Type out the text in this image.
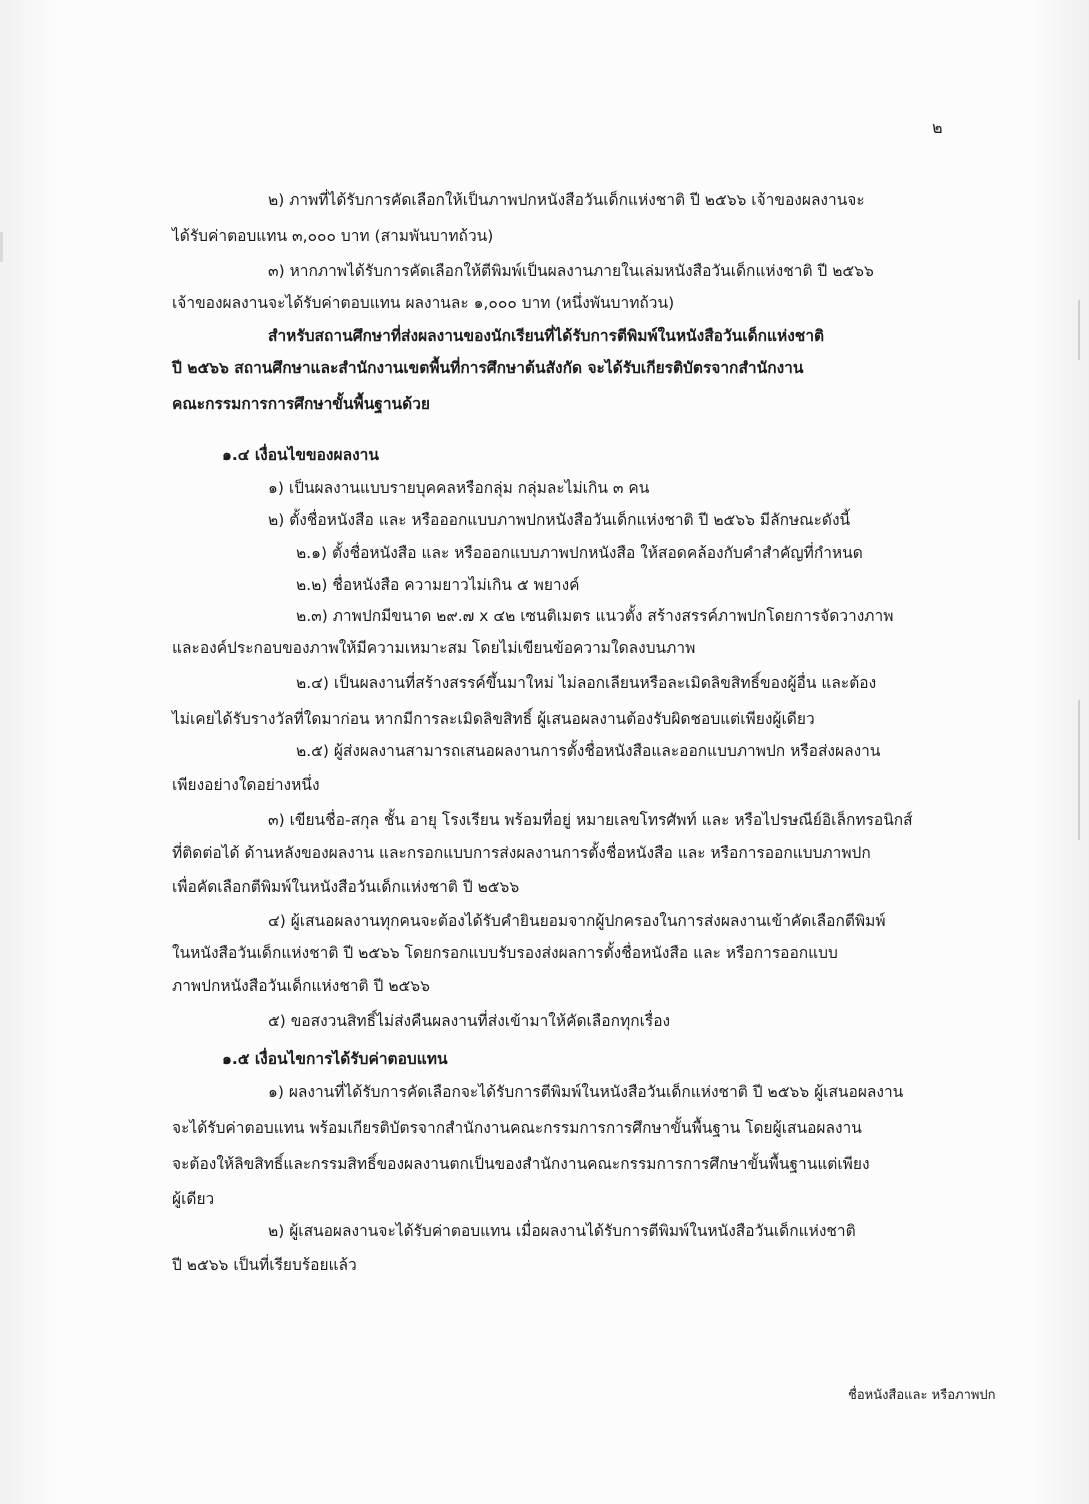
๒
๒) ภาพที่ได้รับการคัดเลือกให้เป็นภาพปกหนังสือวันเด็กแห่งชาติ ปี ๒๕๖๖ เจ้าของผลงานจะ
ได้รับค่าตอบแทน ๓,๐๐๐ บาท (สามพันบาทถ้วน)
๓) หากภาพได้รับการคัดเลือกให้ตีพิมพ์เป็นผลงานภายในเล่มหนังสือวันเด็กแห่งชาติ ปี ๒๕๖๖
เจ้าของผลงานจะได้รับค่าตอบแทน ผลงานละ ๑,๐๐๐ บาท (หนึ่งพันบาทถ้วน)
สำหรับสถานศึกษาที่ส่งผลงานของนักเรียนที่ได้รับการตีพิมพ์ในหนังสือวันเด็กแห่งชาติ
ปี ๒๕๖๖ สถานศึกษาและสำนักงานเขตพื้นที่การศึกษาต้นสังกัด จะได้รับเกียรติบัตรจากสำนักงาน
คณะกรรมการการศึกษาขั้นพื้นฐานด้วย
๑.๔ เงื่อนไขของผลงาน
๑) เป็นผลงานแบบรายบุคคลหรือกลุ่ม กลุ่มละไม่เกิน ๓ คน
๒) ตั้งชื่อหนังสือ และ หรือออกแบบภาพปกหนังสือวันเด็กแห่งชาติ ปี ๒๕๖๖ มีลักษณะดังนี้
๒.๑) ตั้งชื่อหนังสือ และ หรือออกแบบภาพปกหนังสือ ให้สอดคล้องกับคำสำคัญที่กำหนด
๒.๒) ชื่อหนังสือ ความยาวไม่เกิน ๕ พยางค์
๒.๓) ภาพปกมีขนาด ๒๙.๗ x ๔๒ เซนติเมตร แนวตั้ง สร้างสรรค์ภาพปกโดยการจัดวางภาพ
และองค์ประกอบของภาพให้มีความเหมาะสม โดยไม่เขียนข้อความใดลงบนภาพ
๒.๔) เป็นผลงานที่สร้างสรรค์ขึ้นมาใหม่ ไม่ลอกเลียนหรือละเมิดลิขสิทธิ์ของผู้อื่น และต้อง
ไม่เคยได้รับรางวัลที่ใดมาก่อน หากมีการละเมิดลิขสิทธิ์ ผู้เสนอผลงานต้องรับผิดชอบแต่เพียงผู้เดียว
๒.๕) ผู้ส่งผลงานสามารถเสนอผลงานการตั้งชื่อหนังสือและออกแบบภาพปก หรือส่งผลงาน
เพียงอย่างใดอย่างหนึ่ง
๓) เขียนชื่อ-สกุล ชั้น อายุ โรงเรียน พร้อมที่อยู่ หมายเลขโทรศัพท์ และ หรือไปรษณีย์อิเล็กทรอนิกส์
ที่ติดต่อได้ ด้านหลังของผลงาน และกรอกแบบการส่งผลงานการตั้งชื่อหนังสือ และ หรือการออกแบบภาพปก
เพื่อคัดเลือกตีพิมพ์ในหนังสือวันเด็กแห่งชาติ ปี ๒๕๖๖
๔) ผู้เสนอผลงานทุกคนจะต้องได้รับคำยินยอมจากผู้ปกครองในการส่งผลงานเข้าคัดเลือกตีพิมพ์
ในหนังสือวันเด็กแห่งชาติ ปี ๒๕๖๖ โดยกรอกแบบรับรองส่งผลการตั้งชื่อหนังสือ และ หรือการออกแบบ
ภาพปกหนังสือวันเด็กแห่งชาติ ปี ๒๕๖๖
๕) ขอสงวนสิทธิ์ไม่ส่งคืนผลงานที่ส่งเข้ามาให้คัดเลือกทุกเรื่อง
๑.๕ เงื่อนไขการได้รับค่าตอบแทน
๑) ผลงานที่ได้รับการคัดเลือกจะได้รับการตีพิมพ์ในหนังสือวันเด็กแห่งชาติ ปี ๒๕๖๖ ผู้เสนอผลงาน
จะได้รับค่าตอบแทน พร้อมเกียรติบัตรจากสำนักงานคณะกรรมการการศึกษาขั้นพื้นฐาน โดยผู้เสนอผลงาน
จะต้องให้ลิขสิทธิ์และกรรมสิทธิ์ของผลงานตกเป็นของสำนักงานคณะกรรมการการศึกษาขั้นพื้นฐานแต่เพียง
ผู้เดียว
๒) ผู้เสนอผลงานจะได้รับค่าตอบแทน เมื่อผลงานได้รับการตีพิมพ์ในหนังสือวันเด็กแห่งชาติ
ปี ๒๕๖๖ เป็นที่เรียบร้อยแล้ว
ชื่อหนังสือและ หรือภาพปก
